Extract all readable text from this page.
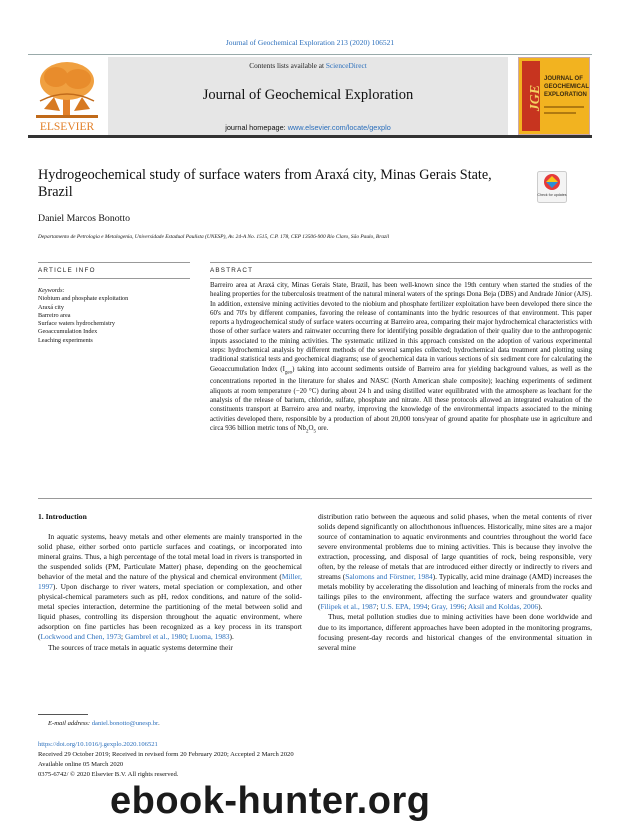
Journal of Geochemical Exploration 213 (2020) 106521
ELSEVIER
Contents lists available at ScienceDirect
Journal of Geochemical Exploration
journal homepage: www.elsevier.com/locate/gexplo
JGE
JOURNAL OF
GEOCHEMICAL
EXPLORATION
Hydrogeochemical study of surface waters from Araxá city, Minas Gerais State, Brazil	Check for updates
Daniel Marcos Bonotto
Departamento de Petrologia e Metalogenia, Universidade Estadual Paulista (UNESP), Av. 24-A No. 1515, C.P. 178, CEP 13506-900 Rio Claro, São Paulo, Brazil
ARTICLE INFO	ABSTRACT
Keywords:
Niobium and phosphate exploitation
Araxá city
Barreiro area
Surface waters hydrochemistry
Geoaccumulation Index
Leaching experiments
Barreiro area at Araxá city, Minas Gerais State, Brazil, has been well-known since the 19th century when started the studies of the healing properties for the tuberculosis treatment of the natural mineral waters of the springs Dona Beja (DBS) and Andrade Júnior (AJS). In addition, extensive mining activities devoted to the niobium and phosphate fertilizer exploitation have been developed there since the 60's and 70's by different companies, favoring the release of contaminants into the hydric resources of that environment. This paper reports a hydrogeochemical study of surface waters occurring at Barreiro area, comparing their major hydrochemical characteristics with those of other surface waters and rainwater occurring there for identifying possible degradation of their quality due to the anthropogenic inputs associated to the mining activities. The systematic utilized in this approach consisted on the adoption of various experimental steps: hydrochemical analysis by different methods of the several samples collected; hydrochemical data treatment and plotting using traditional statistical tests and geochemical diagrams; use of geochemical data in various sections of six sediment core for calculating the Geoaccumulation Index $(I_{geo})$ taking into account sediments outside of Barreiro area for yielding background values, as well as the concentrations reported in the literature for shales and NASC (North American shale composite); leaching experiments of sediment aliquots at room temperature (−20 °C) during about 24 h and using distilled water equilibrated with the atmosphere as leachant for the analysis of the release of barium, chloride, sulfate, phosphate and nitrate. All these protocols allowed an integrated evaluation of the constituents transport at Barreiro area and nearby, improving the knowledge of the environmental impacts associated to the mining activities developed there, responsible by a production of about 20,000 tons/year of ground apatite for phosphate use in agriculture and circa 936 billion metric tons of $Nb_2O_5$ ore.
1. Introduction

In aquatic systems, heavy metals and other elements are mainly transported in the solid phase, either sorbed onto particle surfaces and coatings, or incorporated into mineral grains. Thus, a high percentage of the total metal load in rivers is transported in the suspended solids (PM, Particulate Matter) phase, depending on the geochemical behavior of the metal and the nature of the physical and chemical environment (Miller, 1997). Upon discharge to river waters, metal speciation or complexation, and other physical-chemical parameters such as pH, redox conditions, and nature of the solid-metal species interaction, determine the partitioning of the metal between solid and liquid phases, controlling its dispersion throughout the aquatic environment, where adsorption on fine particles has been recognized as a key process in its transport (Lockwood and Chen, 1973; Gambrel et al., 1980; Luoma, 1983).

The sources of trace metals in aquatic systems determine their

distribution ratio between the aqueous and solid phases, when the metal contents of river solids depend significantly on allochthonous influences. Historically, mine sites are a major source of contamination to aquatic environments and countries throughout the world face severe environmental problems due to mining activities. This is because they involve the extraction, processing, and disposal of large quantities of rock, being responsible, very often, by the release of metals that are introduced either directly or indirectly to rivers and streams (Salomons and Förstner, 1984). Typically, acid mine drainage (AMD) increases the metals mobility by accelerating the dissolution and leaching of minerals from the rocks and tailings piles to the environment, affecting the surface waters and groundwater quality (Filipek et al., 1987; U.S. EPA, 1994; Gray, 1996; Aksil and Koldas, 2006).

Thus, metal pollution studies due to mining activities have been done worldwide and due to its importance, different approaches have been adopted in the monitoring programs, focusing present-day records and historical changes of the environmental situation in several mine

E-mail address: daniel.bonotto@unesp.br.
https://doi.org/10.1016/j.gexplo.2020.106521
Received 29 October 2019; Received in revised form 20 February 2020; Accepted 2 March 2020
Available online 05 March 2020
0375-6742/ © 2020 Elsevier B.V. All rights reserved.
ebook-hunter.org
